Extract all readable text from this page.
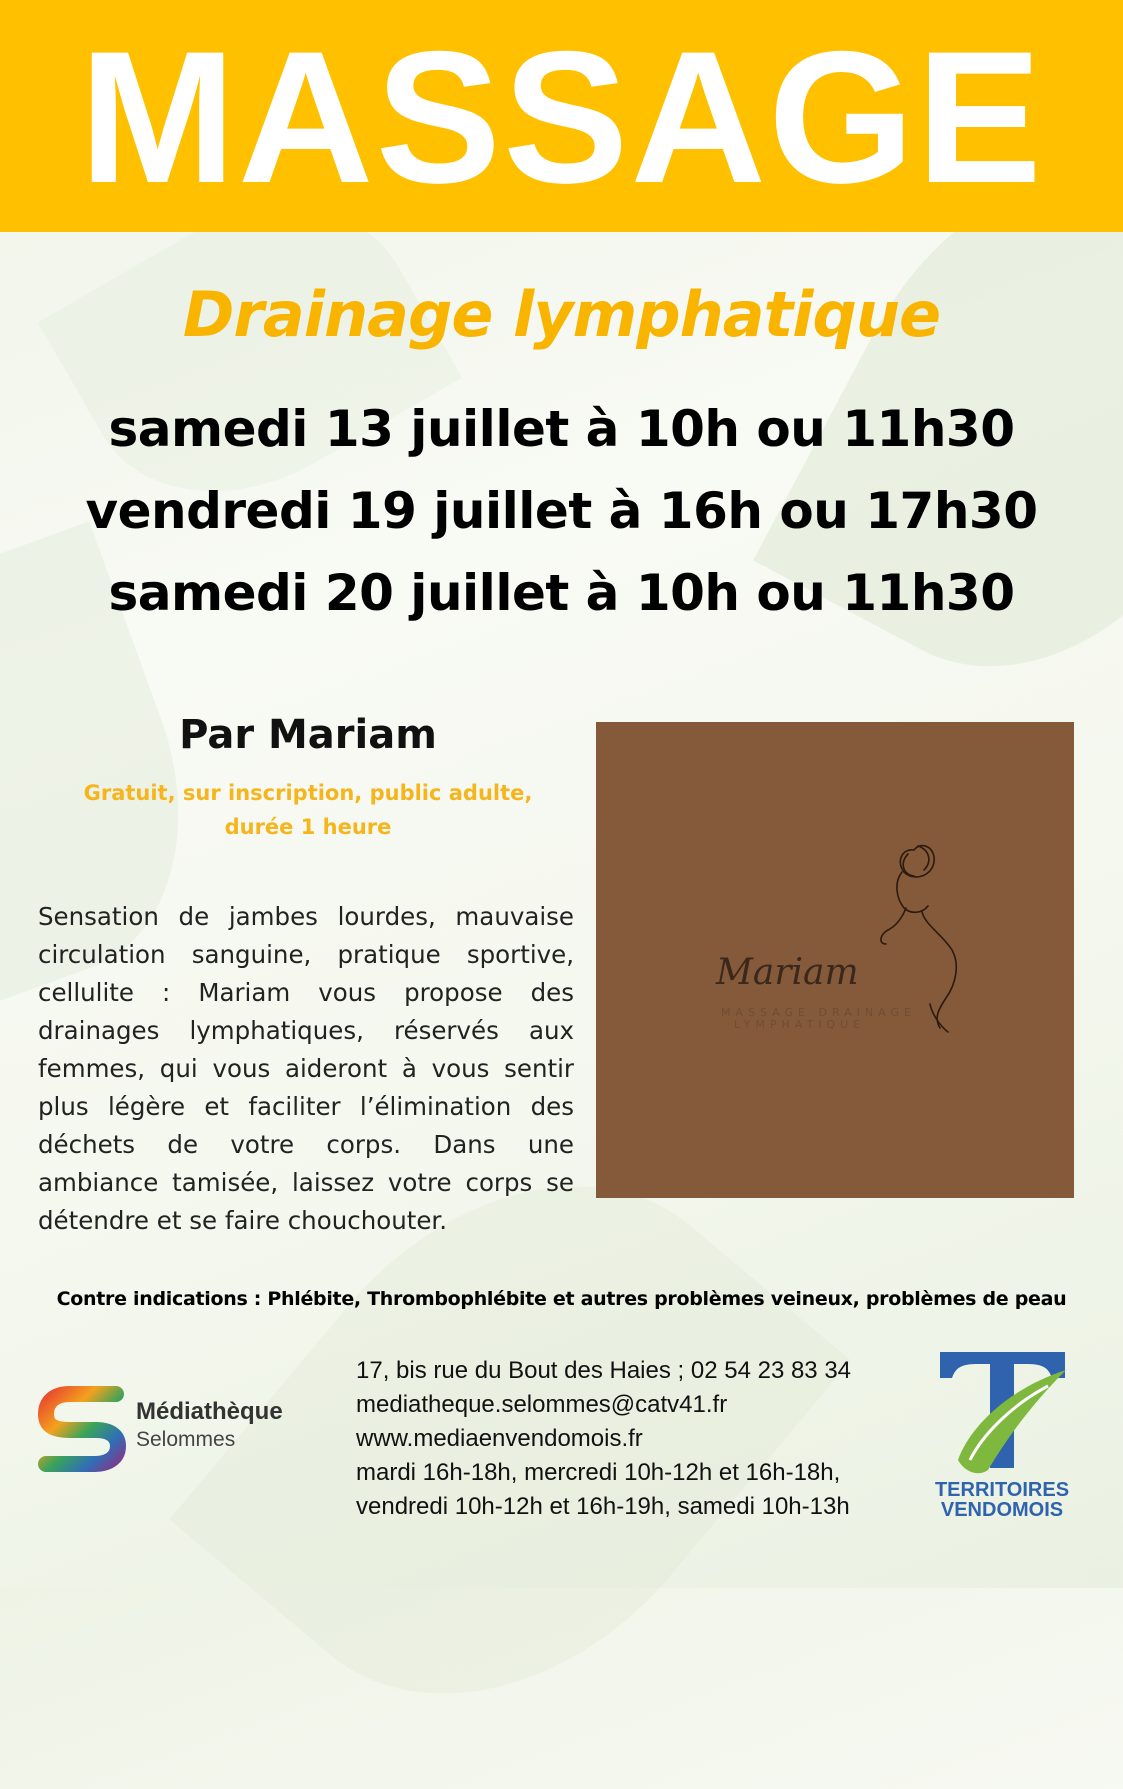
MASSAGE
Drainage lymphatique
samedi 13 juillet à 10h ou 11h30
vendredi 19 juillet à 16h ou 17h30
samedi 20 juillet à 10h ou 11h30
Par Mariam
Gratuit, sur inscription, public adulte,
durée 1 heure

Sensation de jambes lourdes, mauvaise circulation sanguine, pratique sportive, cellulite : Mariam vous propose des drainages lymphatiques, réservés aux femmes, qui vous aideront à vous sentir plus légère et faciliter l’élimination des déchets de votre corps. Dans une ambiance tamisée, laissez votre corps se détendre et se faire chouchouter.

Mariam
MASSAGE DRAINAGE
LYMPHATIQUE
Contre indications : Phlébite, Thrombophlébite et autres problèmes veineux, problèmes de peau
Médiathèque
Selommes
17, bis rue du Bout des Haies ; 02 54 23 83 34
mediatheque.selommes@catv41.fr
www.mediaenvendomois.fr
mardi 16h-18h, mercredi 10h-12h et 16h-18h,
vendredi 10h-12h et 16h-19h, samedi 10h-13h
TERRITOIRES
VENDOMOIS
